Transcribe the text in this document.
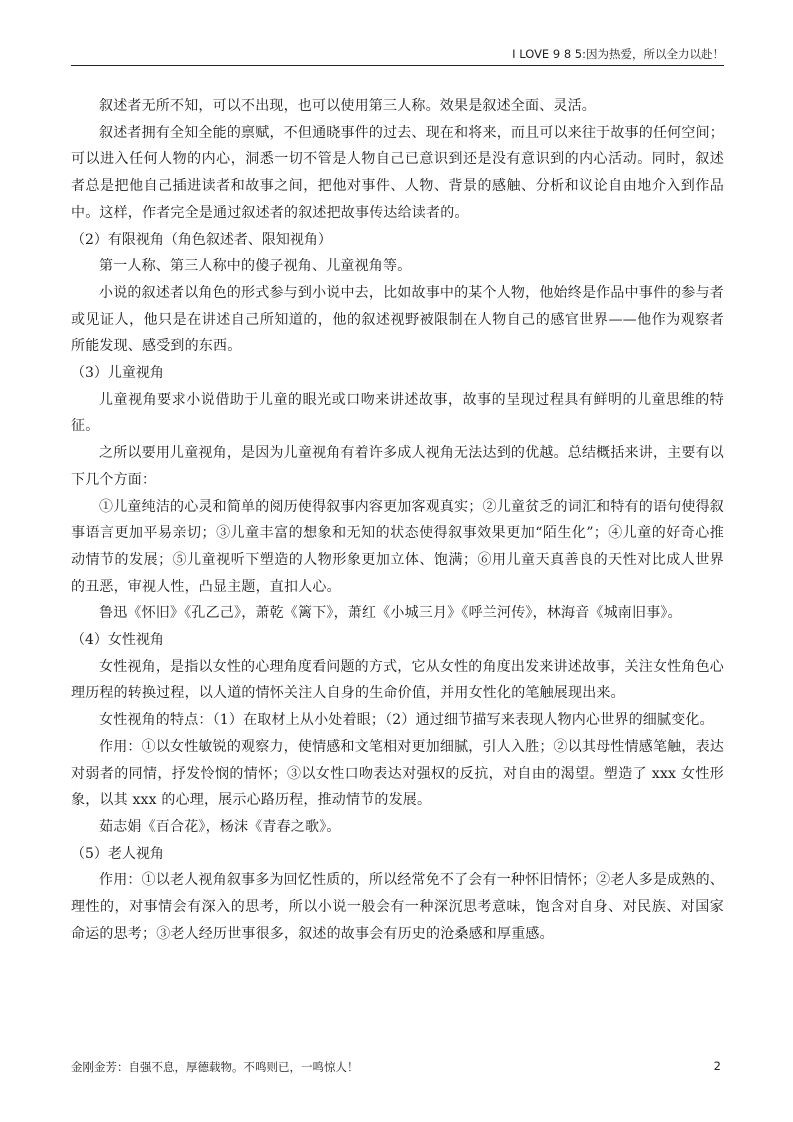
I LOVE 9 8 5:因为热爱，所以全力以赴！

叙述者无所不知，可以不出现，也可以使用第三人称。效果是叙述全面、灵活。

叙述者拥有全知全能的禀赋，不但通晓事件的过去、现在和将来，而且可以来往于故事的任何空间；可以进入任何人物的内心，洞悉一切不管是人物自己已意识到还是没有意识到的内心活动。同时，叙述者总是把他自己插进读者和故事之间，把他对事件、人物、背景的感触、分析和议论自由地介入到作品中。这样，作者完全是通过叙述者的叙述把故事传达给读者的。

（2）有限视角（角色叙述者、限知视角）

第一人称、第三人称中的傻子视角、儿童视角等。

小说的叙述者以角色的形式参与到小说中去，比如故事中的某个人物，他始终是作品中事件的参与者或见证人，他只是在讲述自己所知道的，他的叙述视野被限制在人物自己的感官世界——他作为观察者所能发现、感受到的东西。

（3）儿童视角

儿童视角要求小说借助于儿童的眼光或口吻来讲述故事，故事的呈现过程具有鲜明的儿童思维的特征。

之所以要用儿童视角，是因为儿童视角有着许多成人视角无法达到的优越。总结概括来讲，主要有以下几个方面：

①儿童纯洁的心灵和简单的阅历使得叙事内容更加客观真实；②儿童贫乏的词汇和特有的语句使得叙事语言更加平易亲切；③儿童丰富的想象和无知的状态使得叙事效果更加“陌生化”；④儿童的好奇心推动情节的发展；⑤儿童视听下塑造的人物形象更加立体、饱满；⑥用儿童天真善良的天性对比成人世界的丑恶，审视人性，凸显主题，直扣人心。

鲁迅《怀旧》《孔乙己》，萧乾《篱下》，萧红《小城三月》《呼兰河传》，林海音《城南旧事》。

（4）女性视角

女性视角，是指以女性的心理角度看问题的方式，它从女性的角度出发来讲述故事，关注女性角色心理历程的转换过程，以人道的情怀关注人自身的生命价值，并用女性化的笔触展现出来。

女性视角的特点：（1）在取材上从小处着眼；（2）通过细节描写来表现人物内心世界的细腻变化。

作用：①以女性敏锐的观察力，使情感和文笔相对更加细腻，引人入胜；②以其母性情感笔触，表达对弱者的同情，抒发怜悯的情怀；③以女性口吻表达对强权的反抗，对自由的渴望。塑造了 xxx 女性形象，以其 xxx 的心理，展示心路历程，推动情节的发展。

茹志娟《百合花》，杨沫《青春之歌》。

（5）老人视角

作用：①以老人视角叙事多为回忆性质的，所以经常免不了会有一种怀旧情怀；②老人多是成熟的、理性的，对事情会有深入的思考，所以小说一般会有一种深沉思考意味，饱含对自身、对民族、对国家命运的思考；③老人经历世事很多，叙述的故事会有历史的沧桑感和厚重感。

金刚金芳：自强不息，厚德载物。不鸣则已，一鸣惊人！	2
